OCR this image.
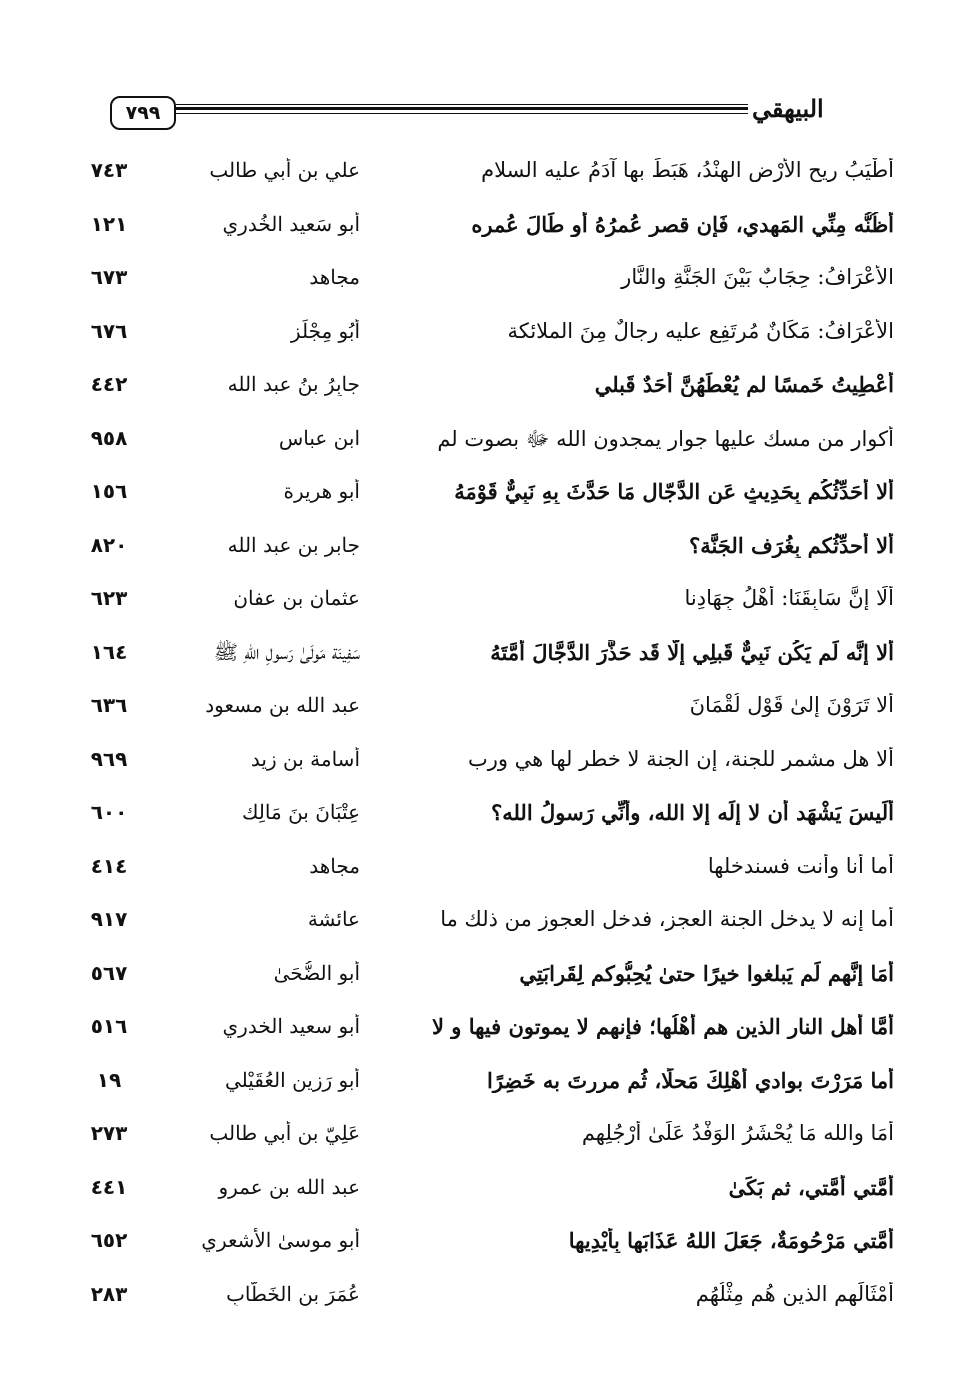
٧٩٩	البيهقي
أَطْيَبُ رِيحِ الأَرْضِ الهِنْدُ، هَبَطَ بها آدَمُ عليه السلام
علي بن أبي طالب
٧٤٣
أَظُنُّه مِنِّي المَهدي، فَإن قصر عُمرُهُ أو طَالَ عُمره
أبو سَعيد الخُدري
١٢١
الأَعْرَافُ: حِجَابٌ بَيْنَ الجَنَّةِ والنَّار
مجاهد
٦٧٣
الأَعْرَافُ: مَكَانٌ مُرتَفِع عليه رِجالٌ مِنَ الملائكة
أَبُو مِجْلَز
٦٧٦
أُعْطِيتُ خَمسًا لم يُعْطَهُنَّ أَحَدٌ قَبلي
جابِرُ بنُ عبد الله
٤٤٢
أكوار من مسك عليها جوار يمجدون الله ﷻ بصوت لم
ابن عباس
٩٥٨
ألا أُحَدِّثُكُم بِحَدِيثٍ عَنِ الدَّجّال مَا حَدَّثَ بِهِ نَبِيٌّ قَوْمَهُ
أبو هريرة
١٥٦
ألا أُحدِّثُكم بِغُرَف الجَنَّة؟
جابر بن عبد الله
٨٢٠
أَلَا إِنَّ سَابِقَنَا: أَهْلُ جِهَادِنا
عثمان بن عفان
٦٢٣
ألا إِنَّه لَم يَكُن نَبِيٌّ قَبلِي إلَّا قَد حَذَّرَ الدَّجَّالَ أُمَّتَهُ
سَفِينَة مَولَىٰ رَسولِ اللهِ ﷺ
١٦٤
ألا تَرَوْنَ إلىٰ قَوْلِ لُقْمَانَ
عبد الله بن مسعود
٦٣٦
ألا هل مشمر للجنة، إن الجنة لا خطر لها هي ورب
أسامة بن زيد
٩٦٩
أَلَيسَ يَشْهَد أَن لا إِلَه إلا الله، وأَنِّي رَسولُ الله؟
عِتْبَانَ بنَ مَالِك
٦٠٠
أما أنا وأنت فسندخلها
مجاهد
٤١٤
أما إنه لا يدخل الجنة العجز، فدخل العجوز من ذلك ما
عائشة
٩١٧
أَمَا إِنَّهم لَم يَبلغوا خيرًا حتىٰ يُحِبُّوكم لِقَرابَتِي
أبو الضُّحَىٰ
٥٦٧
أَمَّا أهل النار الذين هم أَهْلُها؛ فإنهم لا يموتون فيها و لا
أبو سعيد الخدري
٥١٦
أما مَرَرْتَ بوادي أَهْلِكَ مَحلًا، ثُم مررتَ به خَضِرًا
أبو رَزِين العُقَيْلي
١٩
أَمَا والله مَا يُحْشَرُ الوَفْدُ عَلَىٰ أَرْجُلِهِم
عَلِيّ بن أبي طالب
٢٧٣
أُمَّتي أُمَّتي، ثم بَكَىٰ
عبد الله بن عمرو
٤٤١
أُمَّتي مَرْحُومَةٌ، جَعَلَ اللهُ عَذَابَها بِأَيْدِيها
أبو موسىٰ الأشعري
٦٥٢
أَمْثَالَهم الذين هُم مِثْلُهُم
عُمَرَ بنِ الخَطَّابِ
٢٨٣
